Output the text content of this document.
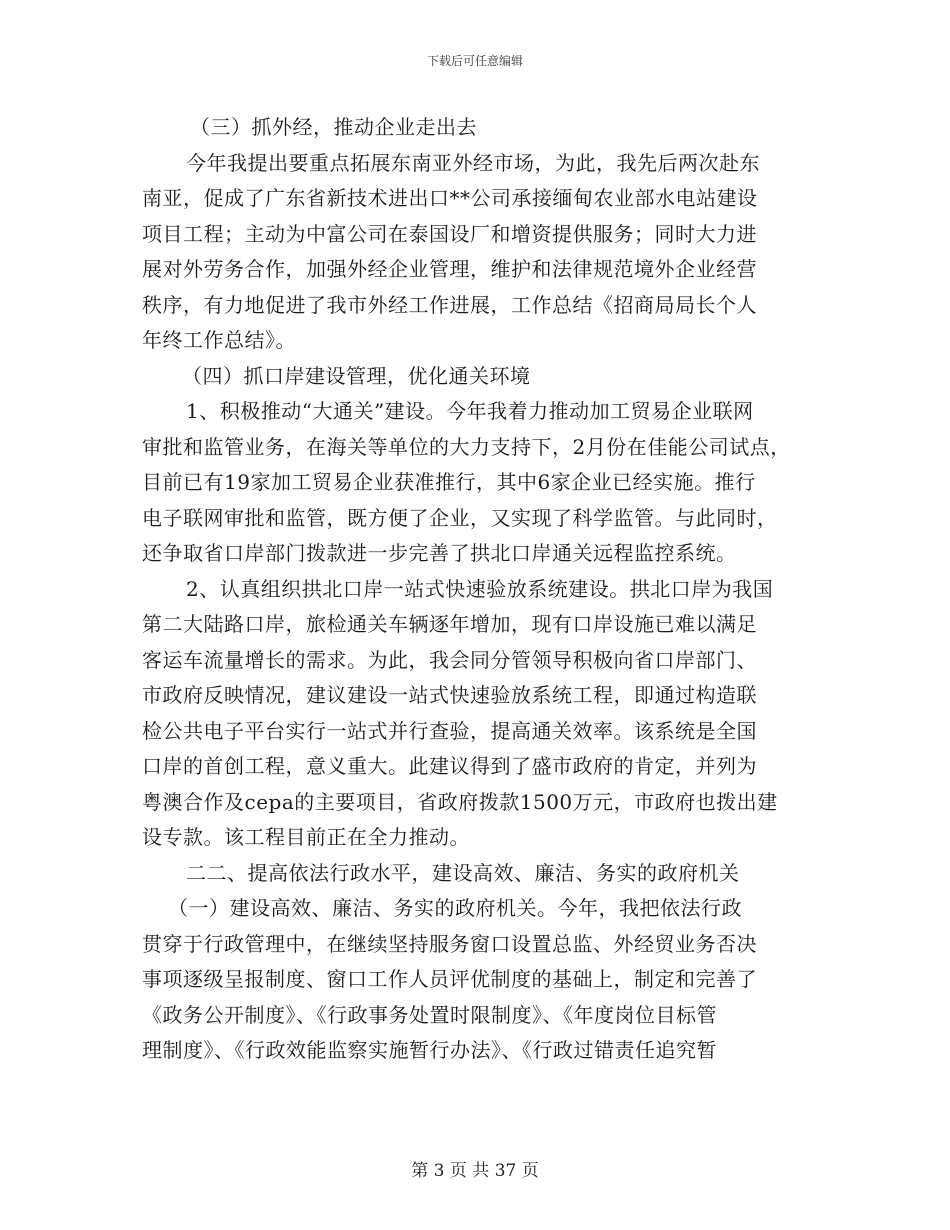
下载后可任意编辑
（三）抓外经，推动企业走出去
今年我提出要重点拓展东南亚外经市场，为此，我先后两次赴东
南亚，促成了广东省新技术进出口**公司承接缅甸农业部水电站建设
项目工程；主动为中富公司在泰国设厂和增资提供服务；同时大力进
展对外劳务合作，加强外经企业管理，维护和法律规范境外企业经营
秩序，有力地促进了我市外经工作进展，工作总结《招商局局长个人
年终工作总结》。
（四）抓口岸建设管理，优化通关环境
1、积极推动“大通关”建设。今年我着力推动加工贸易企业联网
审批和监管业务，在海关等单位的大力支持下，2月份在佳能公司试点，
目前已有19家加工贸易企业获准推行，其中6家企业已经实施。推行
电子联网审批和监管，既方便了企业，又实现了科学监管。与此同时，
还争取省口岸部门拨款进一步完善了拱北口岸通关远程监控系统。
2、认真组织拱北口岸一站式快速验放系统建设。拱北口岸为我国
第二大陆路口岸，旅检通关车辆逐年增加，现有口岸设施已难以满足
客运车流量增长的需求。为此，我会同分管领导积极向省口岸部门、
市政府反映情况，建议建设一站式快速验放系统工程，即通过构造联
检公共电子平台实行一站式并行查验，提高通关效率。该系统是全国
口岸的首创工程，意义重大。此建议得到了盛市政府的肯定，并列为
粤澳合作及cepa的主要项目，省政府拨款1500万元，市政府也拨出建
设专款。该工程目前正在全力推动。
二二、提高依法行政水平，建设高效、廉洁、务实的政府机关
（一）建设高效、廉洁、务实的政府机关。今年，我把依法行政
贯穿于行政管理中，在继续坚持服务窗口设置总监、外经贸业务否决
事项逐级呈报制度、窗口工作人员评优制度的基础上，制定和完善了
《政务公开制度》、《行政事务处置时限制度》、《年度岗位目标管
理制度》、《行政效能监察实施暂行办法》、《行政过错责任追究暂
第 3 页 共 37 页
